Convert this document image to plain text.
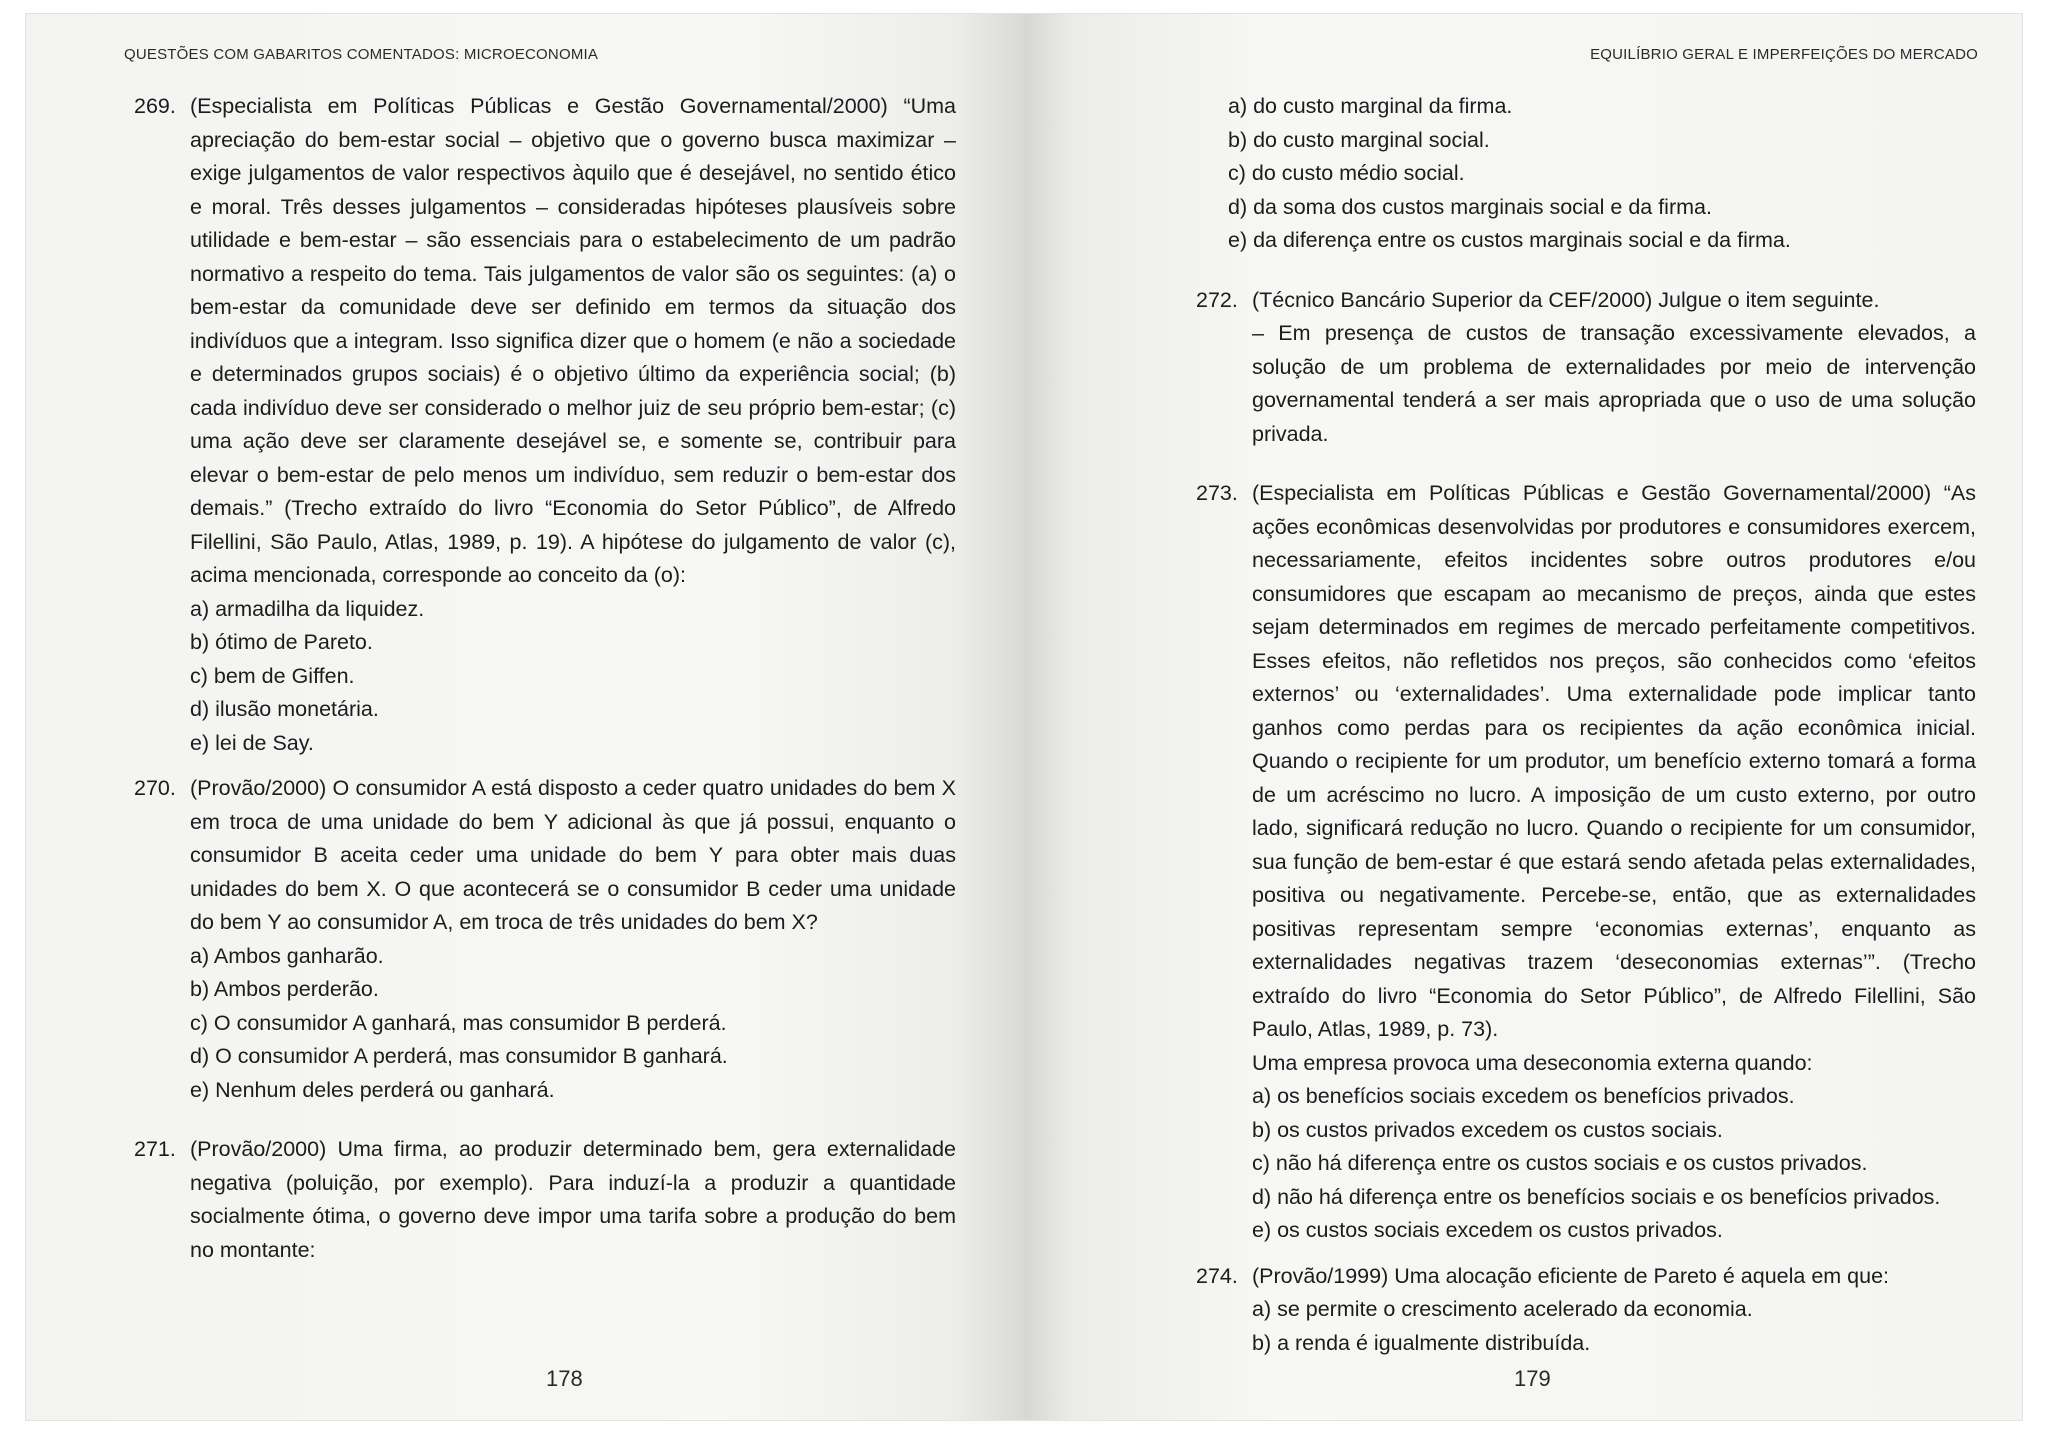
QUESTÕES COM GABARITOS COMENTADOS: MICROECONOMIA
269. (Especialista em Políticas Públicas e Gestão Governamental/2000) “Uma apreciação do bem-estar social – objetivo que o governo busca maximizar – exige julgamentos de valor respectivos àquilo que é desejável, no sentido ético e moral. Três desses julgamentos – consideradas hipóteses plausíveis sobre utilidade e bem-estar – são essenciais para o estabelecimento de um padrão normativo a respeito do tema. Tais julgamentos de valor são os seguintes: (a) o bem-estar da comunidade deve ser definido em termos da situação dos indivíduos que a integram. Isso significa dizer que o homem (e não a sociedade e determinados grupos sociais) é o objetivo último da experiência social; (b) cada indivíduo deve ser considerado o melhor juiz de seu próprio bem-estar; (c) uma ação deve ser claramente desejável se, e somente se, contribuir para elevar o bem-estar de pelo menos um indivíduo, sem reduzir o bem-estar dos demais.” (Trecho extraído do livro “Economia do Setor Público”, de Alfredo Filellini, São Paulo, Atlas, 1989, p. 19). A hipótese do julgamento de valor (c), acima mencionada, corresponde ao conceito da (o):
a) armadilha da liquidez.
b) ótimo de Pareto.
c) bem de Giffen.
d) ilusão monetária.
e) lei de Say.
270. (Provão/2000) O consumidor A está disposto a ceder quatro unidades do bem X em troca de uma unidade do bem Y adicional às que já possui, enquanto o consumidor B aceita ceder uma unidade do bem Y para obter mais duas unidades do bem X. O que acontecerá se o consumidor B ceder uma unidade do bem Y ao consumidor A, em troca de três unidades do bem X?
a) Ambos ganharão.
b) Ambos perderão.
c) O consumidor A ganhará, mas consumidor B perderá.
d) O consumidor A perderá, mas consumidor B ganhará.
e) Nenhum deles perderá ou ganhará.
271. (Provão/2000) Uma firma, ao produzir determinado bem, gera externalidade negativa (poluição, por exemplo). Para induzí-la a produzir a quantidade socialmente ótima, o governo deve impor uma tarifa sobre a produção do bem no montante:
178
EQUILÍBRIO GERAL E IMPERFEIÇÕES DO MERCADO
a) do custo marginal da firma.
b) do custo marginal social.
c) do custo médio social.
d) da soma dos custos marginais social e da firma.
e) da diferença entre os custos marginais social e da firma.
272. (Técnico Bancário Superior da CEF/2000) Julgue o item seguinte.
– Em presença de custos de transação excessivamente elevados, a solução de um problema de externalidades por meio de intervenção governamental tenderá a ser mais apropriada que o uso de uma solução privada.
273. (Especialista em Políticas Públicas e Gestão Governamental/2000) “As ações econômicas desenvolvidas por produtores e consumidores exercem, necessariamente, efeitos incidentes sobre outros produtores e/ou consumidores que escapam ao mecanismo de preços, ainda que estes sejam determinados em regimes de mercado perfeitamente competitivos. Esses efeitos, não refletidos nos preços, são conhecidos como ‘efeitos externos’ ou ‘externalidades’. Uma externalidade pode implicar tanto ganhos como perdas para os recipientes da ação econômica inicial. Quando o recipiente for um produtor, um benefício externo tomará a forma de um acréscimo no lucro. A imposição de um custo externo, por outro lado, significará redução no lucro. Quando o recipiente for um consumidor, sua função de bem-estar é que estará sendo afetada pelas externalidades, positiva ou negativamente. Percebe-se, então, que as externalidades positivas representam sempre ‘economias externas’, enquanto as externalidades negativas trazem ‘deseconomias externas’”. (Trecho extraído do livro “Economia do Setor Público”, de Alfredo Filellini, São Paulo, Atlas, 1989, p. 73).
Uma empresa provoca uma deseconomia externa quando:
a) os benefícios sociais excedem os benefícios privados.
b) os custos privados excedem os custos sociais.
c) não há diferença entre os custos sociais e os custos privados.
d) não há diferença entre os benefícios sociais e os benefícios privados.
e) os custos sociais excedem os custos privados.
274. (Provão/1999) Uma alocação eficiente de Pareto é aquela em que:
a) se permite o crescimento acelerado da economia.
b) a renda é igualmente distribuída.
179
